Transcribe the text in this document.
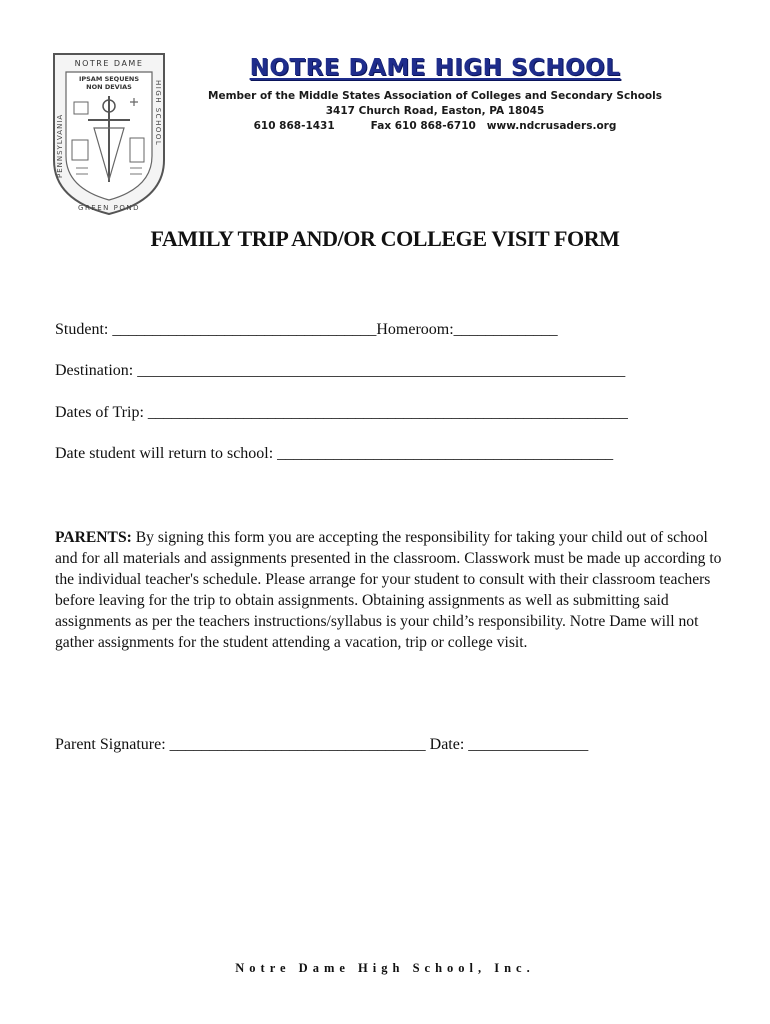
NOTRE DAME
IPSAM SEQUENS
NON DEVIAS
PENNSYLVANIA	HIGH SCHOOL
GREEN POND
NOTRE DAME HIGH SCHOOL
Member of the Middle States Association of Colleges and Secondary Schools
3417 Church Road, Easton, PA 18045
610 868-1431	Fax 610 868-6710 www.ndcrusaders.org
FAMILY TRIP AND/OR COLLEGE VISIT FORM
Student: _________________________________Homeroom:_____________
Destination: _____________________________________________________________
Dates of Trip: ____________________________________________________________
Date student will return to school: __________________________________________
PARENTS: By signing this form you are accepting the responsibility for taking your child out of school and for all materials and assignments presented in the classroom. Classwork must be made up according to the individual teacher's schedule. Please arrange for your student to consult with their classroom teachers before leaving for the trip to obtain assignments. Obtaining assignments as well as submitting said assignments as per the teachers instructions/syllabus is your child’s responsibility. Notre Dame will not gather assignments for the student attending a vacation, trip or college visit.
Parent Signature: ________________________________ Date: _______________
Notre Dame High School, Inc.
